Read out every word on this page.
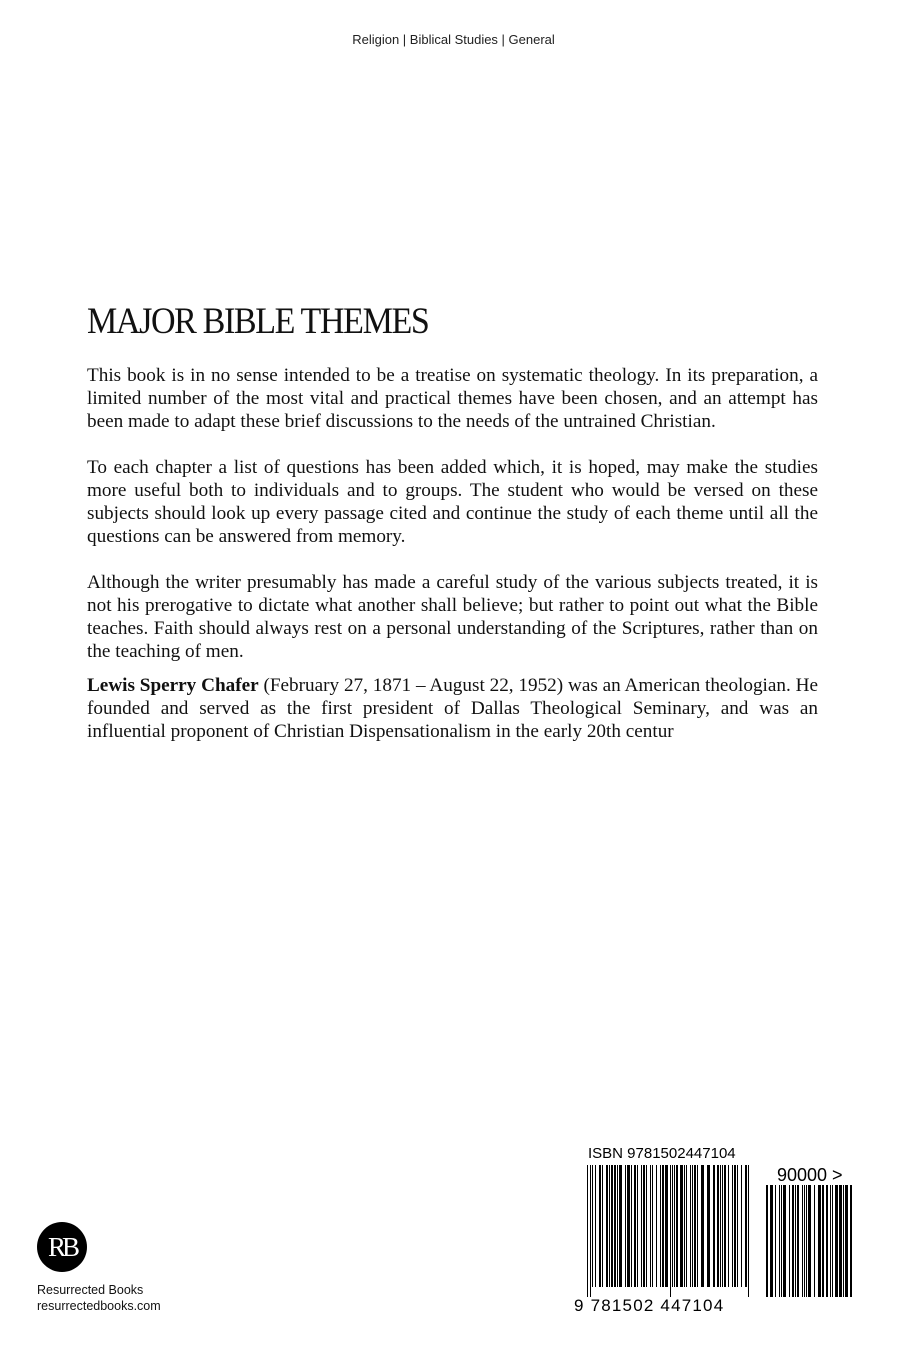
Religion | Biblical Studies | General
MAJOR BIBLE THEMES

This book is in no sense intended to be a treatise on systematic theology. In its preparation, a limited number of the most vital and practical themes have been chosen, and an attempt has been made to adapt these brief discussions to the needs of the untrained Christian.

To each chapter a list of questions has been added which, it is hoped, may make the studies more useful both to individuals and to groups. The student who would be versed on these subjects should look up every passage cited and continue the study of each theme until all the questions can be answered from memory.

Although the writer presumably has made a careful study of the various subjects treated, it is not his prerogative to dictate what another shall believe; but rather to point out what the Bible teaches. Faith should always rest on a personal understanding of the Scriptures, rather than on the teaching of men.

Lewis Sperry Chafer (February 27, 1871 – August 22, 1952) was an American theologian. He founded and served as the first president of Dallas Theological Seminary, and was an influential proponent of Christian Dispensationalism in the early 20th centur

RB
Resurrected Books
resurrectedbooks.com
ISBN 9781502447104
90000 >
9 781502 447104
